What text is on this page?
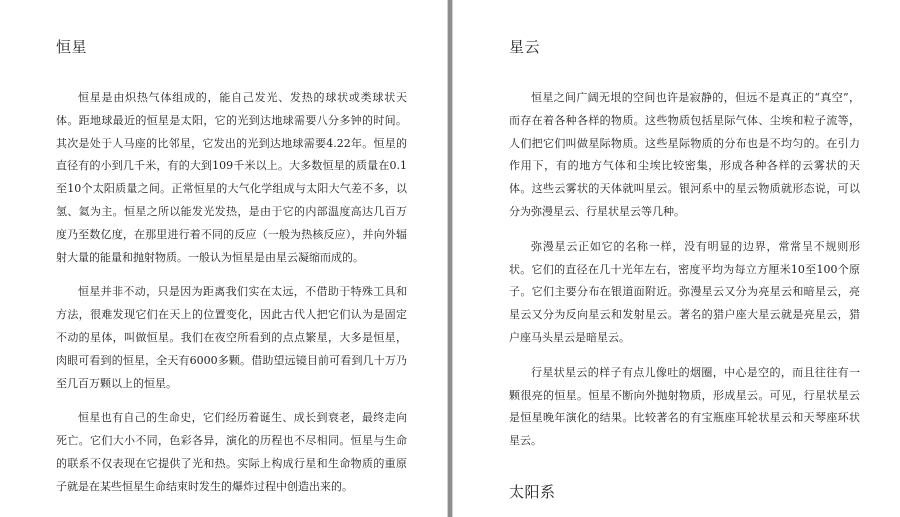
恒星

恒星是由炽热气体组成的，能自己发光、发热的球状或类球状天体。距地球最近的恒星是太阳，它的光到达地球需要八分多钟的时间。其次是处于人马座的比邻星，它发出的光到达地球需要4.22年。恒星的直径有的小到几千米，有的大到109千米以上。大多数恒星的质量在0.1至10个太阳质量之间。正常恒星的大气化学组成与太阳大气差不多，以氢、氦为主。恒星之所以能发光发热，是由于它的内部温度高达几百万度乃至数亿度，在那里进行着不同的反应（一般为热核反应），并向外辐射大量的能量和抛射物质。一般认为恒星是由星云凝缩而成的。

恒星并非不动，只是因为距离我们实在太远，不借助于特殊工具和方法，很难发现它们在天上的位置变化，因此古代人把它们认为是固定不动的星体，叫做恒星。我们在夜空所看到的点点繁星，大多是恒星，肉眼可看到的恒星，全天有6000多颗。借助望远镜目前可看到几十万乃至几百万颗以上的恒星。

恒星也有自己的生命史，它们经历着诞生、成长到衰老，最终走向死亡。它们大小不同，色彩各异，演化的历程也不尽相同。恒星与生命的联系不仅表现在它提供了光和热。实际上构成行星和生命物质的重原子就是在某些恒星生命结束时发生的爆炸过程中创造出来的。

星云

恒星之间广阔无垠的空间也许是寂静的，但远不是真正的“真空”，而存在着各种各样的物质。这些物质包括星际气体、尘埃和粒子流等，人们把它们叫做星际物质。这些星际物质的分布也是不均匀的。在引力作用下，有的地方气体和尘埃比较密集，形成各种各样的云雾状的天体。这些云雾状的天体就叫星云。银河系中的星云物质就形态说，可以分为弥漫星云、行星状星云等几种。

弥漫星云正如它的名称一样，没有明显的边界，常常呈不规则形状。它们的直径在几十光年左右，密度平均为每立方厘米10至100个原子。它们主要分布在银道面附近。弥漫星云又分为亮星云和暗星云，亮星云又分为反向星云和发射星云。著名的猎户座大星云就是亮星云，猎户座马头星云是暗星云。

行星状星云的样子有点儿像吐的烟圈，中心是空的，而且往往有一颗很亮的恒星。恒星不断向外抛射物质，形成星云。可见，行星状星云是恒星晚年演化的结果。比较著名的有宝瓶座耳轮状星云和天琴座环状星云。

太阳系
